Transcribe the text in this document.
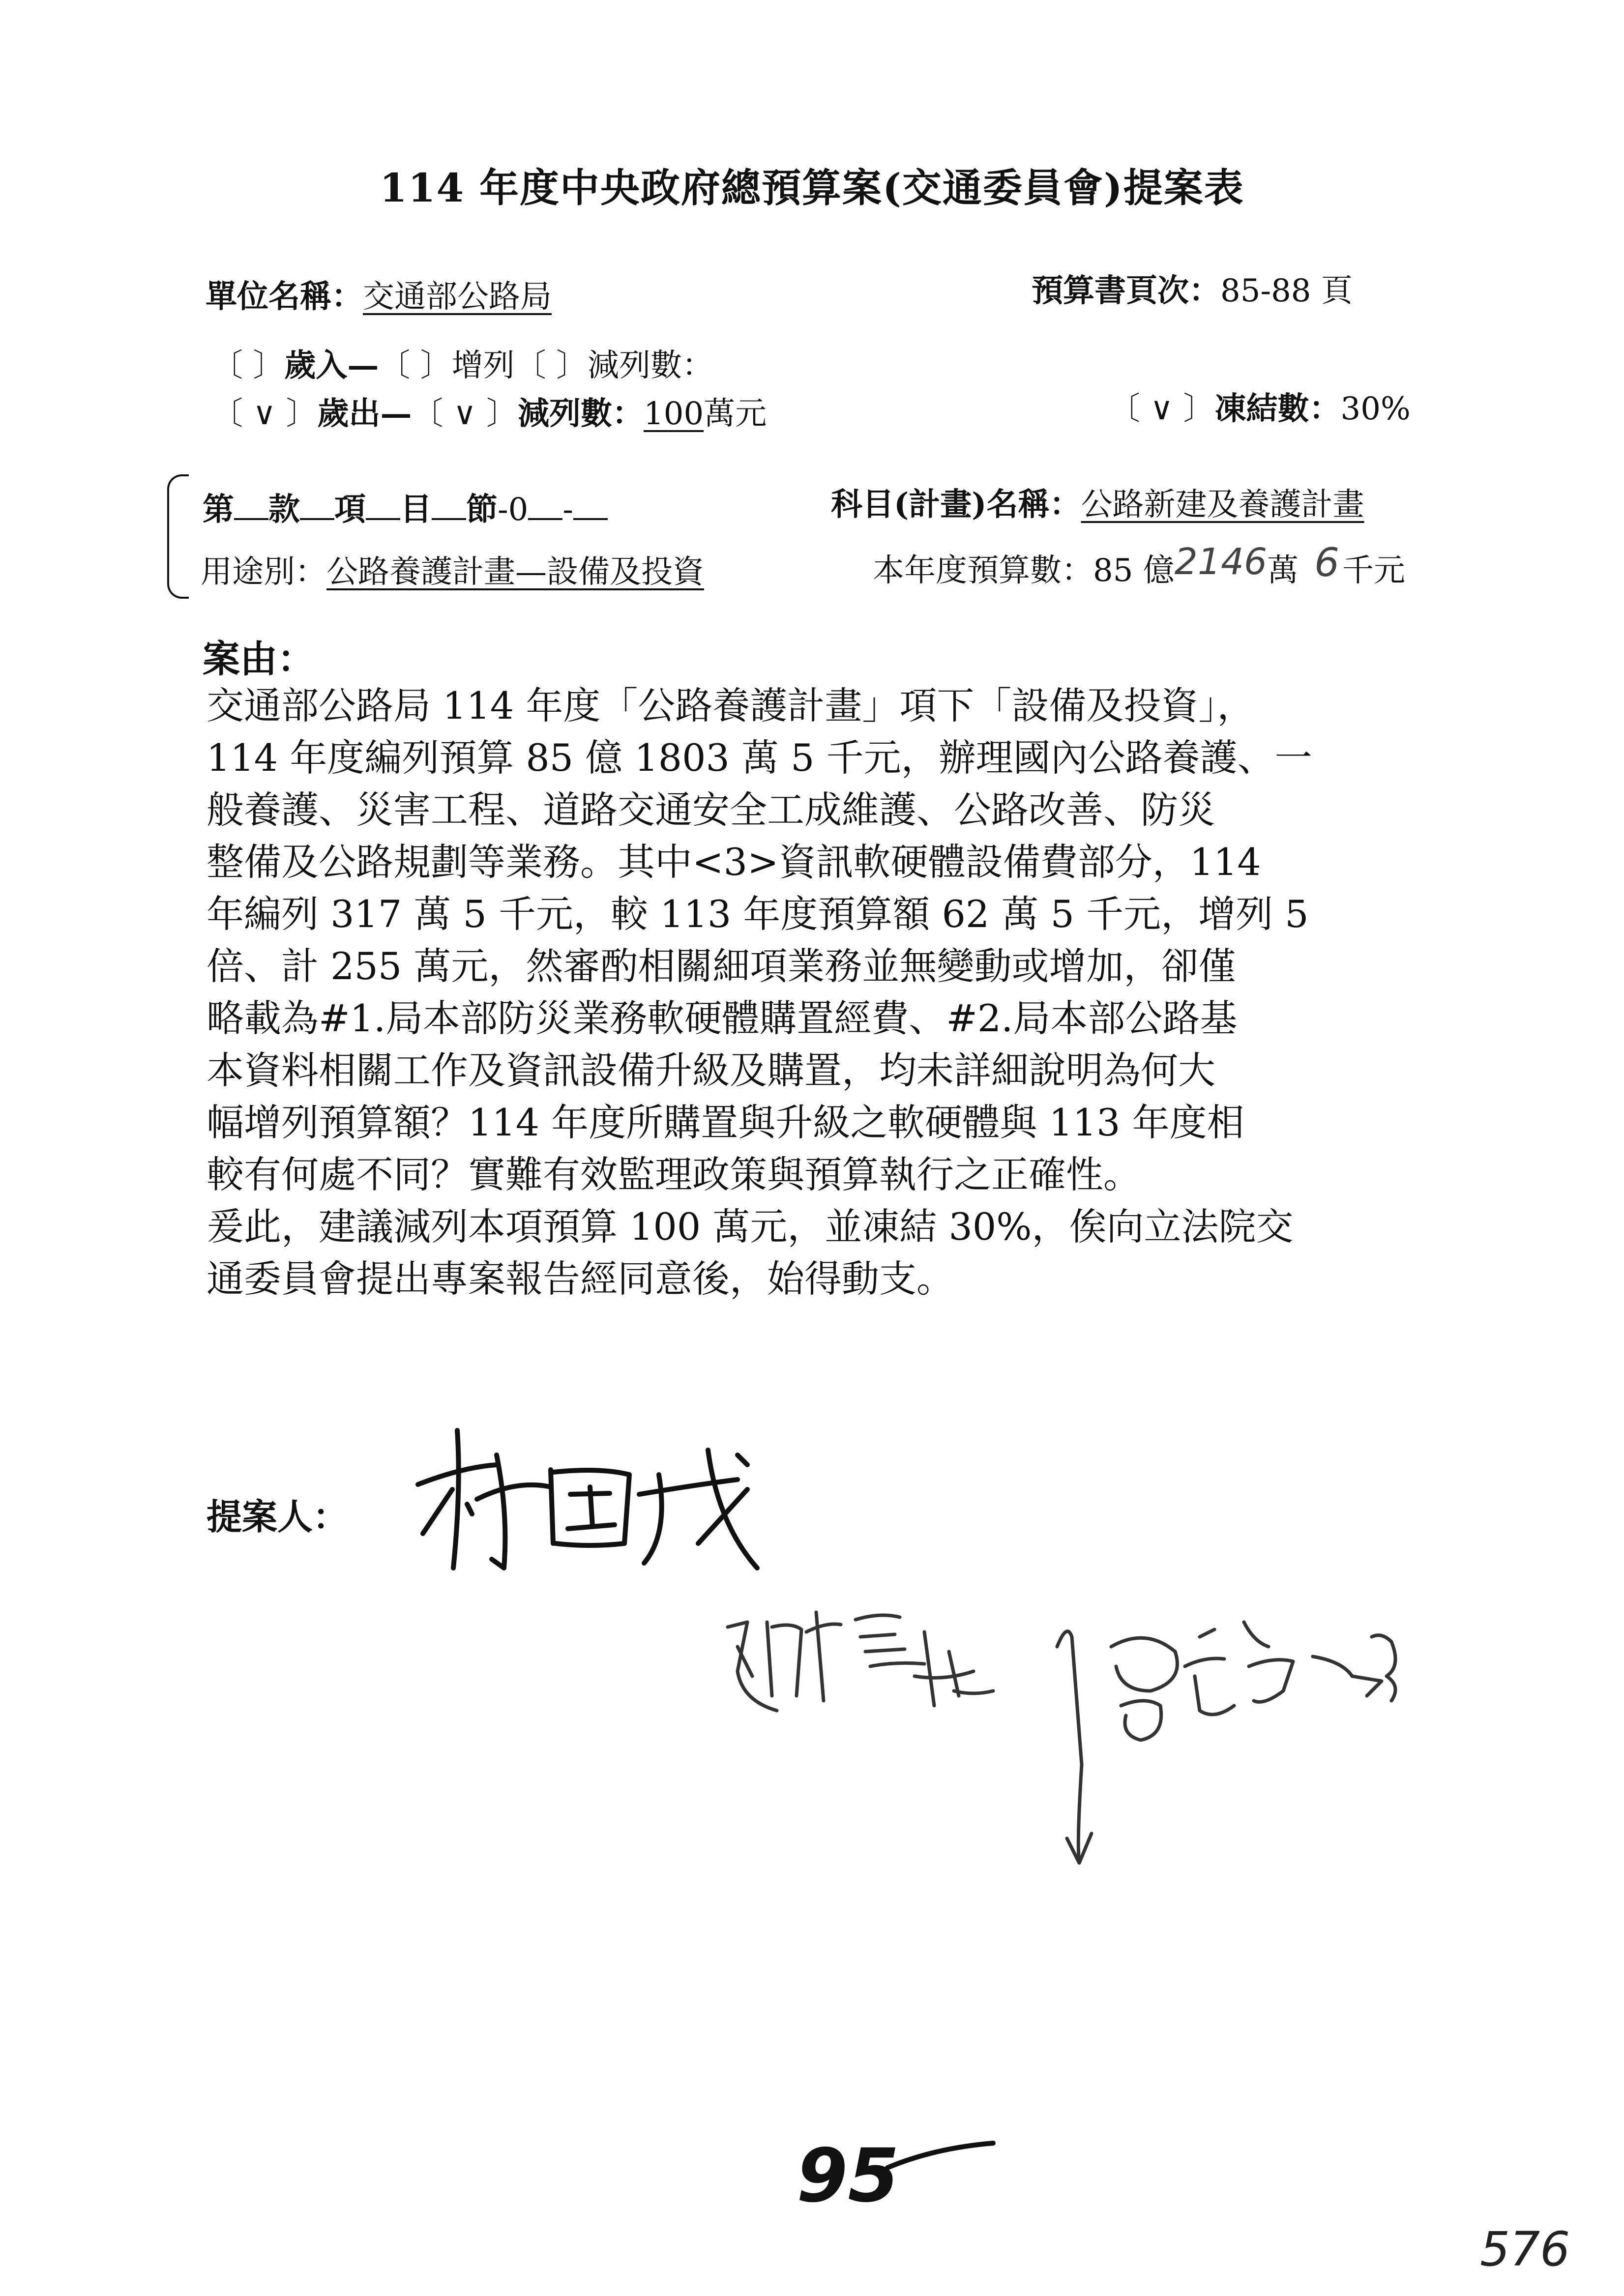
114 年度中央政府總預算案(交通委員會)提案表
單位名稱：交通部公路局	預算書頁次：85-88 頁
〔 〕歲入—〔 〕增列〔 〕減列數：
〔 ∨ 〕歲出—〔 ∨ 〕減列數：100萬元	〔 ∨ 〕凍結數：30%
第 款 項 目 節-0 -	科目(計畫)名稱：公路新建及養護計畫
用途別：公路養護計畫—設備及投資	本年度預算數：85 億2146萬 6千元
案由：

交通部公路局 114 年度「公路養護計畫」項下「設備及投資」，

114 年度編列預算 85 億 1803 萬 5 千元，辦理國內公路養護、一

般養護、災害工程、道路交通安全工成維護、公路改善、防災

整備及公路規劃等業務。其中<3>資訊軟硬體設備費部分，114

年編列 317 萬 5 千元，較 113 年度預算額 62 萬 5 千元，增列 5

倍、計 255 萬元，然審酌相關細項業務並無變動或增加，卻僅

略載為#1.局本部防災業務軟硬體購置經費、#2.局本部公路基

本資料相關工作及資訊設備升級及購置，均未詳細說明為何大

幅增列預算額？114 年度所購置與升級之軟硬體與 113 年度相

較有何處不同？實難有效監理政策與預算執行之正確性。

爰此，建議減列本項預算 100 萬元，並凍結 30%，俟向立法院交

通委員會提出專案報告經同意後，始得動支。

提案人：
95
576
